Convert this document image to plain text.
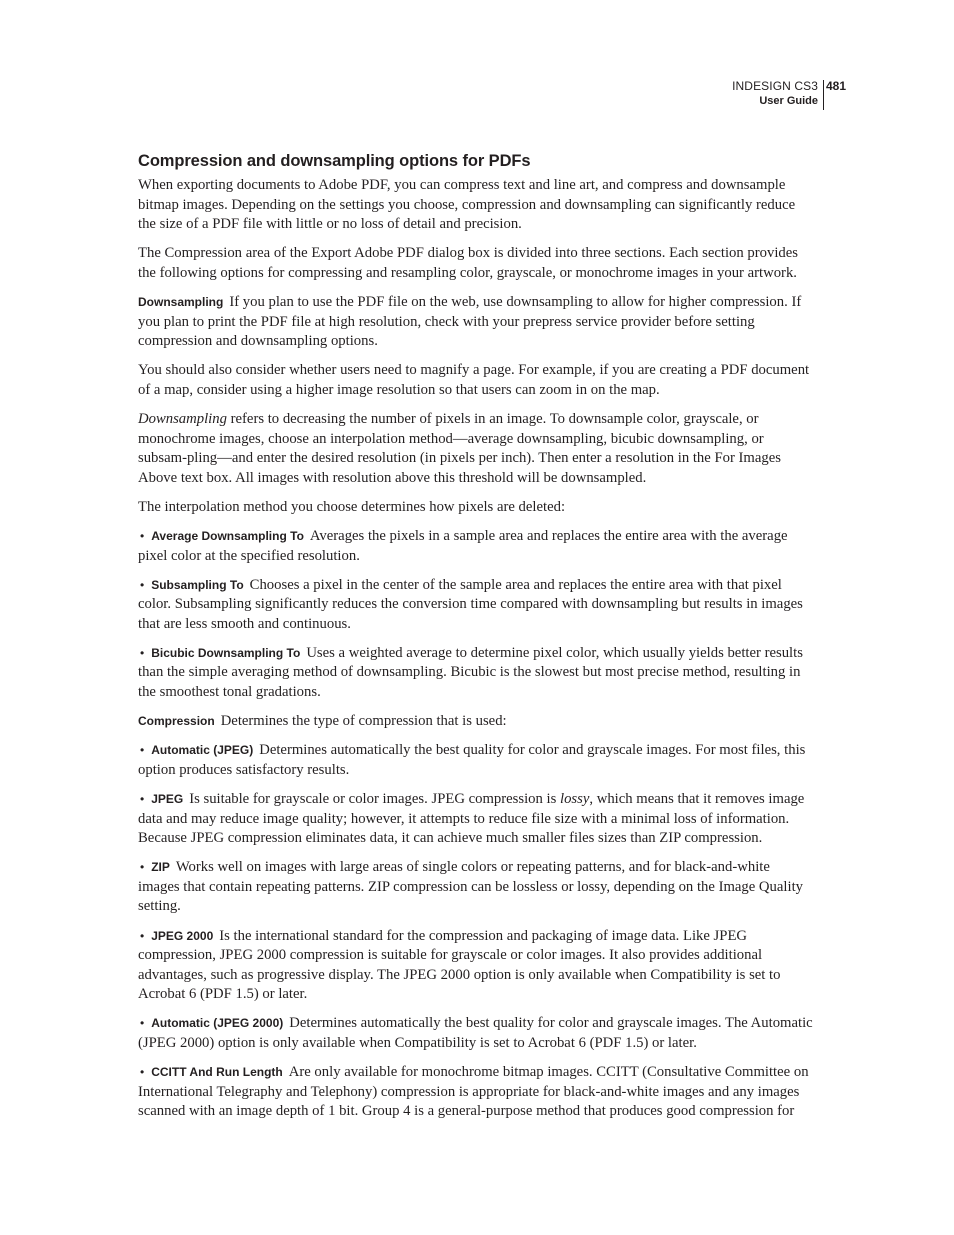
INDESIGN CS3
User Guide
481
Compression and downsampling options for PDFs

When exporting documents to Adobe PDF, you can compress text and line art, and compress and downsample bitmap images. Depending on the settings you choose, compression and downsampling can significantly reduce the size of a PDF file with little or no loss of detail and precision.

The Compression area of the Export Adobe PDF dialog box is divided into three sections. Each section provides the following options for compressing and resampling color, grayscale, or monochrome images in your artwork.

Downsampling If you plan to use the PDF file on the web, use downsampling to allow for higher compression. If you plan to print the PDF file at high resolution, check with your prepress service provider before setting compression and downsampling options.

You should also consider whether users need to magnify a page. For example, if you are creating a PDF document of a map, consider using a higher image resolution so that users can zoom in on the map.

Downsampling refers to decreasing the number of pixels in an image. To downsample color, grayscale, or monochrome images, choose an interpolation method—average downsampling, bicubic downsampling, or subsam-pling—and enter the desired resolution (in pixels per inch). Then enter a resolution in the For Images Above text box. All images with resolution above this threshold will be downsampled.

The interpolation method you choose determines how pixels are deleted:

• Average Downsampling To Averages the pixels in a sample area and replaces the entire area with the average pixel color at the specified resolution.

• Subsampling To Chooses a pixel in the center of the sample area and replaces the entire area with that pixel color. Subsampling significantly reduces the conversion time compared with downsampling but results in images that are less smooth and continuous.

• Bicubic Downsampling To Uses a weighted average to determine pixel color, which usually yields better results than the simple averaging method of downsampling. Bicubic is the slowest but most precise method, resulting in the smoothest tonal gradations.

Compression Determines the type of compression that is used:

• Automatic (JPEG) Determines automatically the best quality for color and grayscale images. For most files, this option produces satisfactory results.

• JPEG Is suitable for grayscale or color images. JPEG compression is lossy, which means that it removes image data and may reduce image quality; however, it attempts to reduce file size with a minimal loss of information. Because JPEG compression eliminates data, it can achieve much smaller files sizes than ZIP compression.

• ZIP Works well on images with large areas of single colors or repeating patterns, and for black-and-white images that contain repeating patterns. ZIP compression can be lossless or lossy, depending on the Image Quality setting.

• JPEG 2000 Is the international standard for the compression and packaging of image data. Like JPEG compression, JPEG 2000 compression is suitable for grayscale or color images. It also provides additional advantages, such as progressive display. The JPEG 2000 option is only available when Compatibility is set to Acrobat 6 (PDF 1.5) or later.

• Automatic (JPEG 2000) Determines automatically the best quality for color and grayscale images. The Automatic (JPEG 2000) option is only available when Compatibility is set to Acrobat 6 (PDF 1.5) or later.

• CCITT And Run Length Are only available for monochrome bitmap images. CCITT (Consultative Committee on International Telegraphy and Telephony) compression is appropriate for black-and-white images and any images scanned with an image depth of 1 bit. Group 4 is a general-purpose method that produces good compression for
